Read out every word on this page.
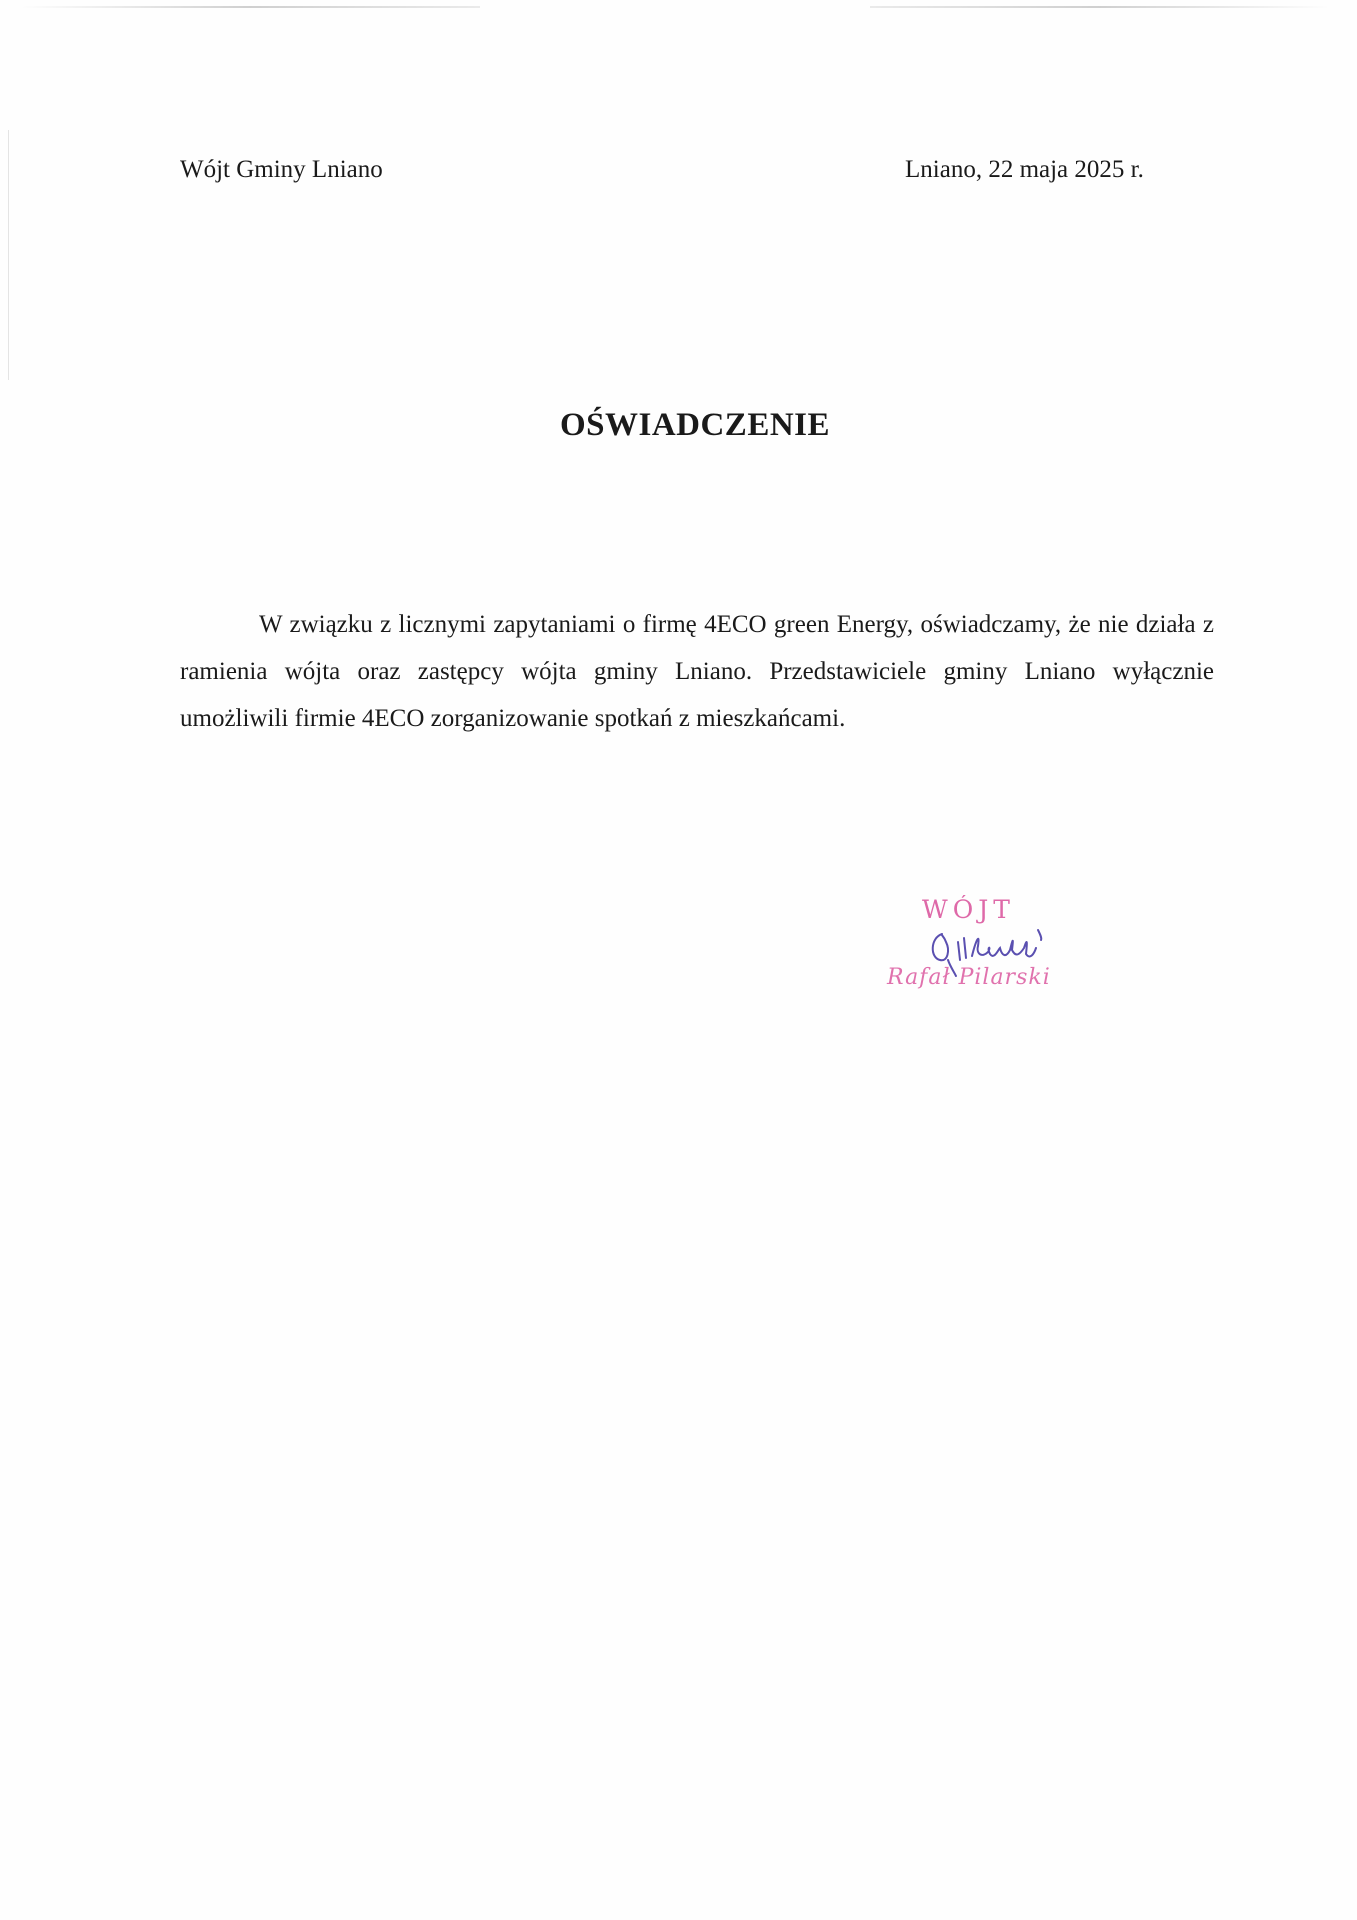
Wójt Gminy Lniano	Lniano, 22 maja 2025 r.
OŚWIADCZENIE
W związku z licznymi zapytaniami o firmę 4ECO green Energy, oświadczamy, że nie działa z ramienia wójta oraz zastępcy wójta gminy Lniano. Przedstawiciele gminy Lniano wyłącznie umożliwili firmie 4ECO zorganizowanie spotkań z mieszkańcami.
WÓJT
Rafał Pilarski
